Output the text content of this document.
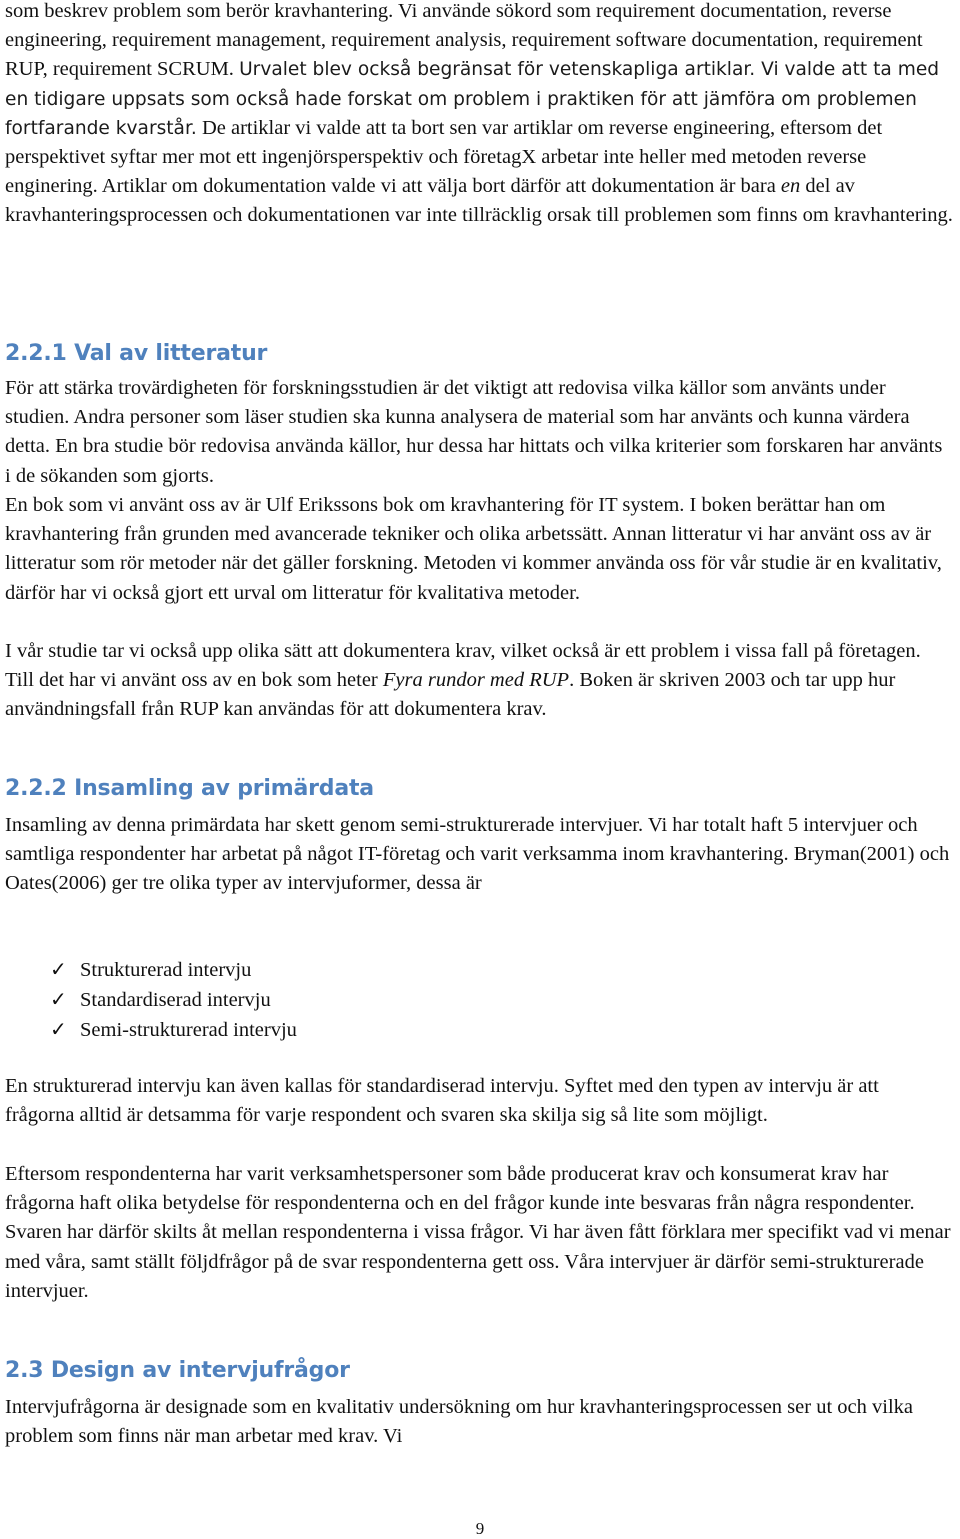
som beskrev problem som berör kravhantering. Vi använde sökord som requirement documentation, reverse engineering, requirement management, requirement analysis, requirement software documentation, requirement RUP, requirement SCRUM. Urvalet blev också begränsat för vetenskapliga artiklar. Vi valde att ta med en tidigare uppsats som också hade forskat om problem i praktiken för att jämföra om problemen fortfarande kvarstår. De artiklar vi valde att ta bort sen var artiklar om reverse engineering, eftersom det perspektivet syftar mer mot ett ingenjörsperspektiv och företagX arbetar inte heller med metoden reverse enginering. Artiklar om dokumentation valde vi att välja bort därför att dokumentation är bara en del av kravhanteringsprocessen och dokumentationen var inte tillräcklig orsak till problemen som finns om kravhantering.

2.2.1 Val av litteratur

För att stärka trovärdigheten för forskningsstudien är det viktigt att redovisa vilka källor som använts under studien. Andra personer som läser studien ska kunna analysera de material som har använts och kunna värdera detta. En bra studie bör redovisa använda källor, hur dessa har hittats och vilka kriterier som forskaren har använts i de sökanden som gjorts.

En bok som vi använt oss av är Ulf Erikssons bok om kravhantering för IT system. I boken berättar han om kravhantering från grunden med avancerade tekniker och olika arbetssätt. Annan litteratur vi har använt oss av är litteratur som rör metoder när det gäller forskning. Metoden vi kommer använda oss för vår studie är en kvalitativ, därför har vi också gjort ett urval om litteratur för kvalitativa metoder.

I vår studie tar vi också upp olika sätt att dokumentera krav, vilket också är ett problem i vissa fall på företagen. Till det har vi använt oss av en bok som heter Fyra rundor med RUP. Boken är skriven 2003 och tar upp hur användningsfall från RUP kan användas för att dokumentera krav.

2.2.2 Insamling av primärdata

Insamling av denna primärdata har skett genom semi-strukturerade intervjuer. Vi har totalt haft 5 intervjuer och samtliga respondenter har arbetat på något IT-företag och varit verksamma inom kravhantering. Bryman(2001) och Oates(2006) ger tre olika typer av intervjuformer, dessa är

✓ Strukturerad intervju
✓ Standardiserad intervju
✓ Semi-strukturerad intervju

En strukturerad intervju kan även kallas för standardiserad intervju. Syftet med den typen av intervju är att frågorna alltid är detsamma för varje respondent och svaren ska skilja sig så lite som möjligt.

Eftersom respondenterna har varit verksamhetspersoner som både producerat krav och konsumerat krav har frågorna haft olika betydelse för respondenterna och en del frågor kunde inte besvaras från några respondenter. Svaren har därför skilts åt mellan respondenterna i vissa frågor. Vi har även fått förklara mer specifikt vad vi menar med våra, samt ställt följdfrågor på de svar respondenterna gett oss. Våra intervjuer är därför semi-strukturerade intervjuer.

2.3 Design av intervjufrågor

Intervjufrågorna är designade som en kvalitativ undersökning om hur kravhanteringsprocessen ser ut och vilka problem som finns när man arbetar med krav. Vi

9
